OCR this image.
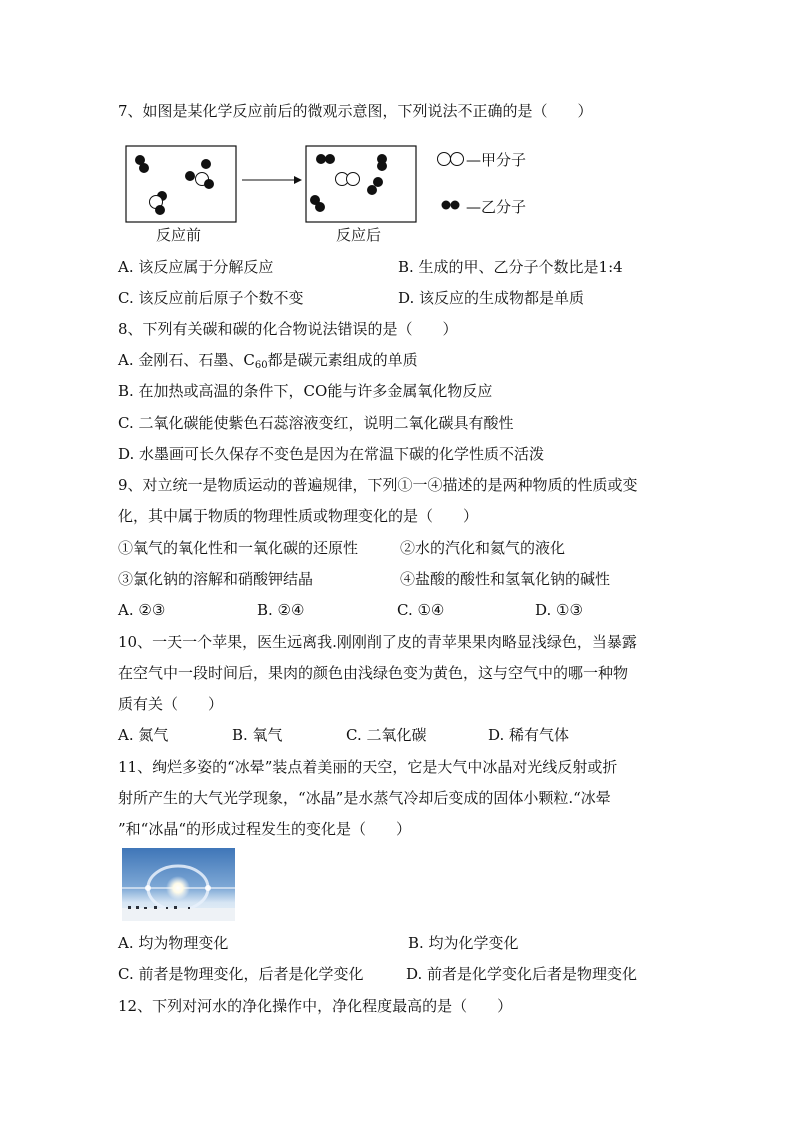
7、如图是某化学反应前后的微观示意图，下列说法不正确的是（　　）
—甲分子
—乙分子
反应前	反应后
A. 该反应属于分解反应	B. 生成的甲、乙分子个数比是1:4
C. 该反应前后原子个数不变	D. 该反应的生成物都是单质
8、下列有关碳和碳的化合物说法错误的是（　　）
A. 金刚石、石墨、$C_{60}$都是碳元素组成的单质
B. 在加热或高温的条件下，CO能与许多金属氧化物反应
C. 二氧化碳能使紫色石蕊溶液变红，说明二氧化碳具有酸性
D. 水墨画可长久保存不变色是因为在常温下碳的化学性质不活泼
9、对立统一是物质运动的普遍规律，下列①一④描述的是两种物质的性质或变
化，其中属于物质的物理性质或物理变化的是（　　）
①氧气的氧化性和一氧化碳的还原性	②水的汽化和氦气的液化
③氯化钠的溶解和硝酸钾结晶	④盐酸的酸性和氢氧化钠的碱性
A. ②③	B. ②④	C. ①④	D. ①③
10、一天一个苹果，医生远离我.刚刚削了皮的青苹果果肉略显浅绿色，当暴露
在空气中一段时间后，果肉的颜色由浅绿色变为黄色，这与空气中的哪一种物
质有关（　　）
A. 氮气	B. 氧气	C. 二氧化碳	D. 稀有气体
11、绚烂多姿的“冰晕”装点着美丽的天空，它是大气中冰晶对光线反射或折
射所产生的大气光学现象，“冰晶”是水蒸气冷却后变成的固体小颗粒.“冰晕
”和“冰晶“的形成过程发生的变化是（　　）
A. 均为物理变化	B. 均为化学变化
C. 前者是物理变化，后者是化学变化	D. 前者是化学变化后者是物理变化
12、下列对河水的净化操作中，净化程度最高的是（　　）
